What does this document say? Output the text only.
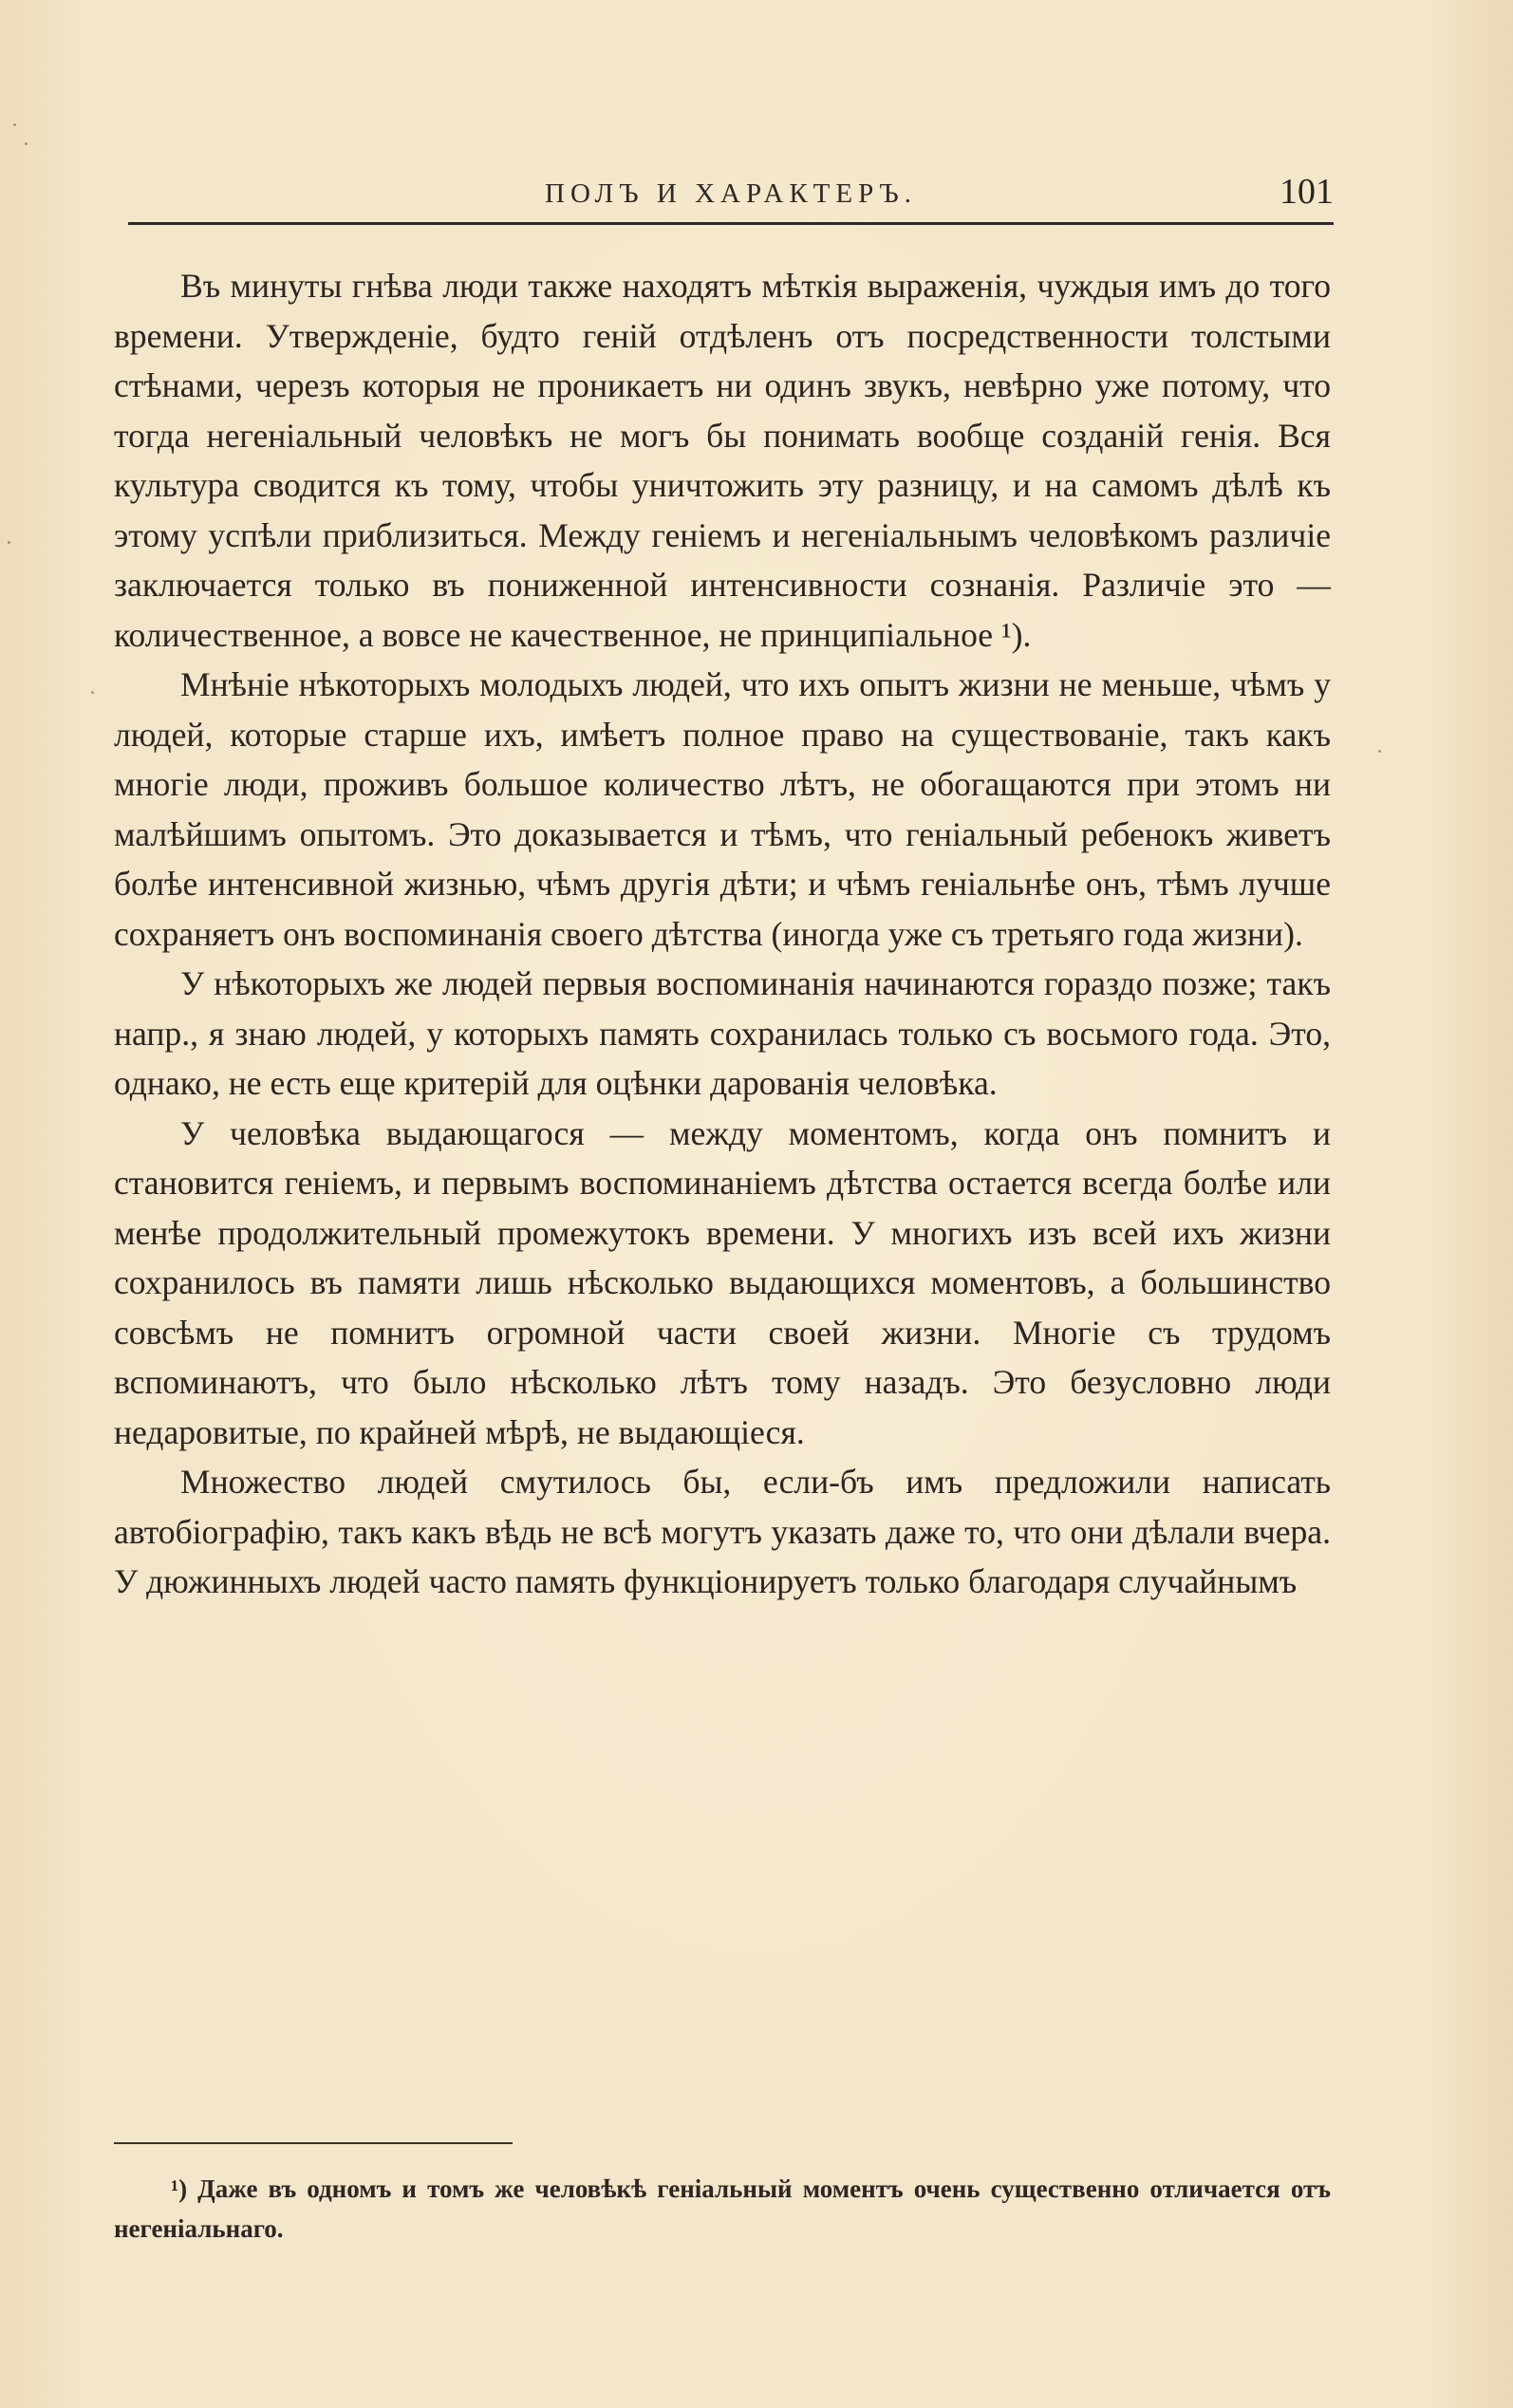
ПОЛЪ И ХАРАКТЕРЪ.	101

Въ минуты гнѣва люди также находятъ мѣткія выраженія, чуждыя имъ до того времени. Утвержденіе, будто геній отдѣленъ отъ посредственности толстыми стѣнами, черезъ которыя не проникаетъ ни одинъ звукъ, невѣрно уже потому, что тогда негеніальный человѣкъ не могъ бы понимать вообще созданій генія. Вся культура сводится къ тому, чтобы уничтожить эту разницу, и на самомъ дѣлѣ къ этому успѣли приблизиться. Между геніемъ и негеніальнымъ человѣкомъ различіе заключается только въ пониженной интенсивности сознанія. Различіе это — количественное, а вовсе не качественное, не принципіальное ¹).

Мнѣніе нѣкоторыхъ молодыхъ людей, что ихъ опытъ жизни не меньше, чѣмъ у людей, которые старше ихъ, имѣетъ полное право на существованіе, такъ какъ многіе люди, проживъ большое количество лѣтъ, не обогащаются при этомъ ни малѣйшимъ опытомъ. Это доказывается и тѣмъ, что геніальный ребенокъ живетъ болѣе интенсивной жизнью, чѣмъ другія дѣти; и чѣмъ геніальнѣе онъ, тѣмъ лучше сохраняетъ онъ воспоминанія своего дѣтства (иногда уже съ третьяго года жизни).

У нѣкоторыхъ же людей первыя воспоминанія начинаются гораздо позже; такъ напр., я знаю людей, у которыхъ память сохранилась только съ восьмого года. Это, однако, не есть еще критерій для оцѣнки дарованія человѣка.

У человѣка выдающагося — между моментомъ, когда онъ помнитъ и становится геніемъ, и первымъ воспоминаніемъ дѣтства остается всегда болѣе или менѣе продолжительный промежутокъ времени. У многихъ изъ всей ихъ жизни сохранилось въ памяти лишь нѣсколько выдающихся моментовъ, а большинство совсѣмъ не помнитъ огромной части своей жизни. Многіе съ трудомъ вспоминаютъ, что было нѣсколько лѣтъ тому назадъ. Это безусловно люди недаровитые, по крайней мѣрѣ, не выдающіеся.

Множество людей смутилось бы, если-бъ имъ предложили написать автобіографію, такъ какъ вѣдь не всѣ могутъ указать даже то, что они дѣлали вчера. У дюжинныхъ людей часто память функціонируетъ только благодаря случайнымъ

¹) Даже въ одномъ и томъ же человѣкѣ геніальный моментъ очень существенно отличается отъ негеніальнаго.
